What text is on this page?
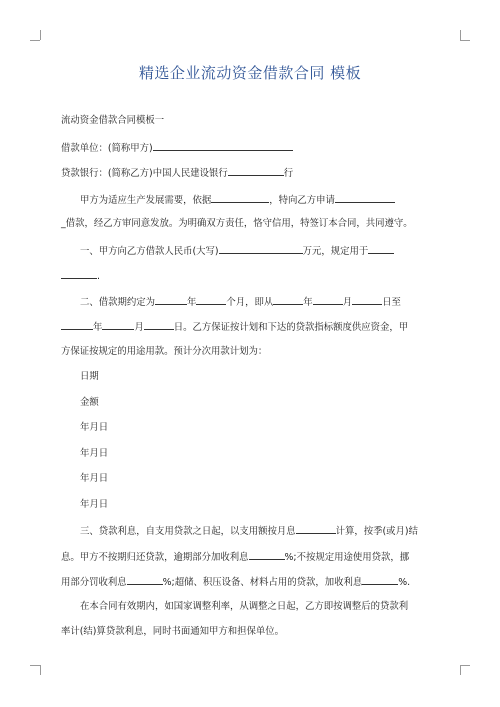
精选企业流动资金借款合同 模板
流动资金借款合同模板一
借款单位：(简称甲方)
贷款银行：(简称乙方)中国人民建设银行	行
甲方为适应生产发展需要，依据	，特向乙方申请
_借款，经乙方审同意发放。为明确双方责任，恪守信用，特签订本合同，共同遵守。
一、甲方向乙方借款人民币(大写)	万元，规定用于
.
二、借款期约定为	年	个月，即从	年	月	日至
年	月	日。乙方保证按计划和下达的贷款指标额度供应资金，甲
方保证按规定的用途用款。预计分次用款计划为：
日期
金额
年月日
年月日
年月日
年月日
三、贷款利息，自支用贷款之日起，以支用额按月息	计算，按季(或月)结
息。甲方不按期归还贷款，逾期部分加收利息	%;不按规定用途使用贷款，挪
用部分罚收利息	%;超储、积压设备、材料占用的贷款，加收利息	%.
在本合同有效期内，如国家调整利率，从调整之日起，乙方即按调整后的贷款利
率计(结)算贷款利息，同时书面通知甲方和担保单位。
